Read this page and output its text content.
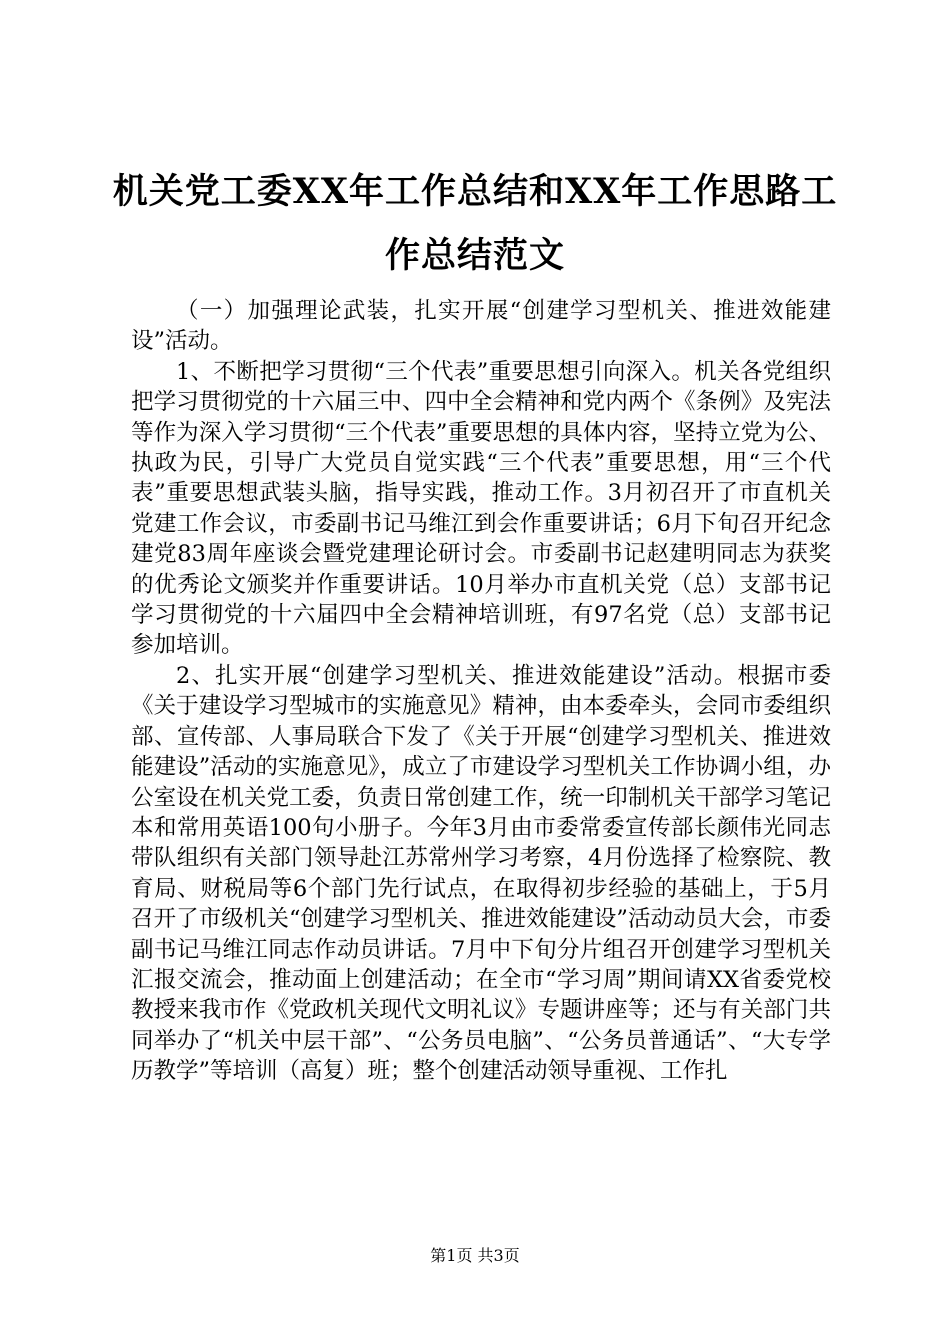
机关党工委XX年工作总结和XX年工作思路工作总结范文

（一）加强理论武装，扎实开展“创建学习型机关、推进效能建设”活动。

1、不断把学习贯彻“三个代表”重要思想引向深入。机关各党组织把学习贯彻党的十六届三中、四中全会精神和党内两个《条例》及宪法等作为深入学习贯彻“三个代表”重要思想的具体内容，坚持立党为公、执政为民，引导广大党员自觉实践“三个代表”重要思想，用“三个代表”重要思想武装头脑，指导实践，推动工作。3月初召开了市直机关党建工作会议，市委副书记马维江到会作重要讲话；6月下旬召开纪念建党83周年座谈会暨党建理论研讨会。市委副书记赵建明同志为获奖的优秀论文颁奖并作重要讲话。10月举办市直机关党（总）支部书记学习贯彻党的十六届四中全会精神培训班，有97名党（总）支部书记参加培训。

2、扎实开展“创建学习型机关、推进效能建设”活动。根据市委《关于建设学习型城市的实施意见》精神，由本委牵头，会同市委组织部、宣传部、人事局联合下发了《关于开展“创建学习型机关、推进效能建设”活动的实施意见》，成立了市建设学习型机关工作协调小组，办公室设在机关党工委，负责日常创建工作，统一印制机关干部学习笔记本和常用英语100句小册子。今年3月由市委常委宣传部长颜伟光同志带队组织有关部门领导赴江苏常州学习考察，4月份选择了检察院、教育局、财税局等6个部门先行试点，在取得初步经验的基础上，于5月召开了市级机关“创建学习型机关、推进效能建设”活动动员大会，市委副书记马维江同志作动员讲话。7月中下旬分片组召开创建学习型机关汇报交流会，推动面上创建活动；在全市“学习周”期间请XX省委党校教授来我市作《党政机关现代文明礼议》专题讲座等；还与有关部门共同举办了“机关中层干部”、“公务员电脑”、“公务员普通话”、“大专学历教学”等培训（高复）班；整个创建活动领导重视、工作扎

第1页 共3页
